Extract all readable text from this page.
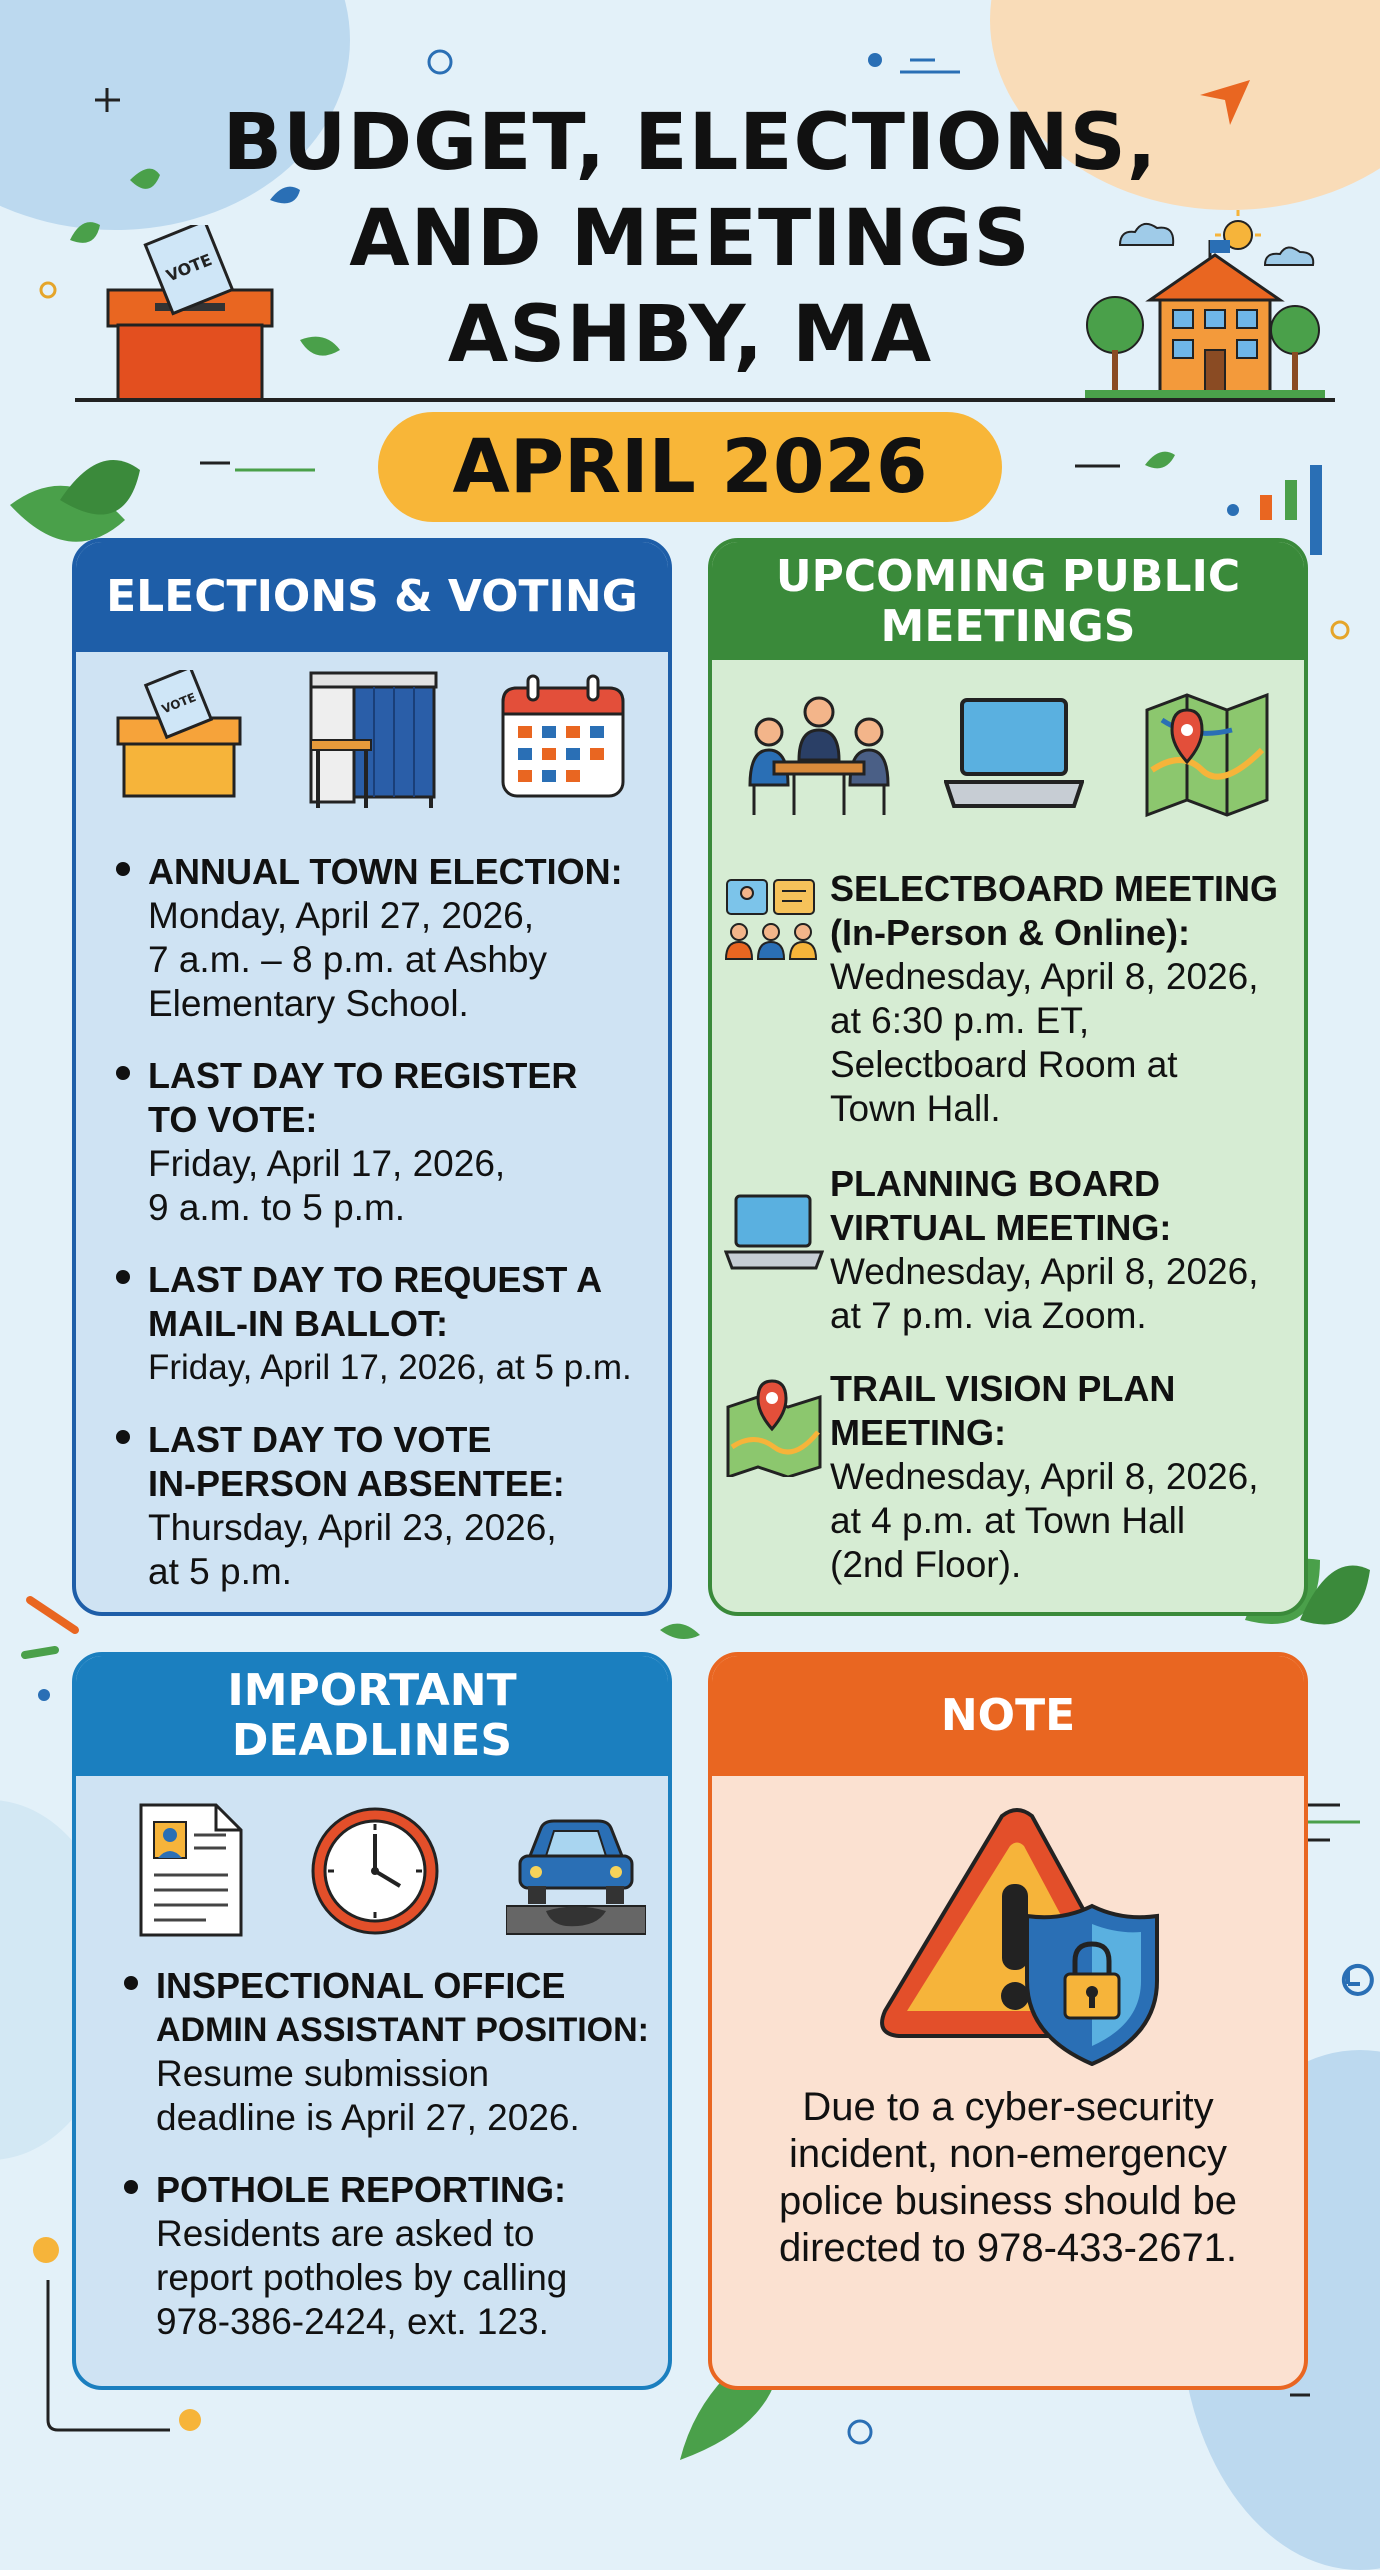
VOTE
BUDGET, ELECTIONS,
AND MEETINGS
ASHBY, MA
APRIL 2026
ELECTIONS & VOTING
VOTE
ANNUAL TOWN ELECTION:
Monday, April 27, 2026,
7 a.m. – 8 p.m. at Ashby
Elementary School.
LAST DAY TO REGISTER
TO VOTE:
Friday, April 17, 2026,
9 a.m. to 5 p.m.
LAST DAY TO REQUEST A
MAIL-IN BALLOT:
Friday, April 17, 2026, at 5 p.m.
LAST DAY TO VOTE
IN-PERSON ABSENTEE:
Thursday, April 23, 2026,
at 5 p.m.
UPCOMING PUBLIC
MEETINGS
SELECTBOARD MEETING
(In-Person & Online):
Wednesday, April 8, 2026,
at 6:30 p.m. ET,
Selectboard Room at
Town Hall.
PLANNING BOARD
VIRTUAL MEETING:
Wednesday, April 8, 2026,
at 7 p.m. via Zoom.
TRAIL VISION PLAN
MEETING:
Wednesday, April 8, 2026,
at 4 p.m. at Town Hall
(2nd Floor).
IMPORTANT
DEADLINES
INSPECTIONAL OFFICE
ADMIN ASSISTANT POSITION:
Resume submission
deadline is April 27, 2026.
POTHOLE REPORTING:
Residents are asked to
report potholes by calling
978-386-2424, ext. 123.
NOTE
Due to a cyber-security
incident, non-emergency
police business should be
directed to 978-433-2671.
